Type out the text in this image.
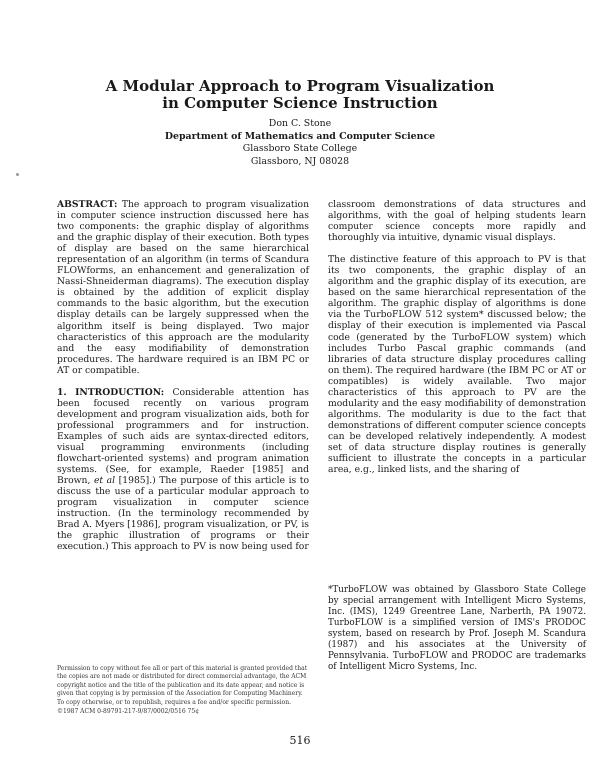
A Modular Approach to Program Visualization
in Computer Science Instruction
Don C. Stone
Department of Mathematics and Computer Science
Glassboro State College
Glassboro, NJ 08028

ABSTRACT: The approach to program visualization in computer science instruction discussed here has two components: the graphic display of algorithms and the graphic display of their execution. Both types of display are based on the same hierarchical representation of an algorithm (in terms of Scandura FLOWforms, an enhancement and generalization of Nassi-Shneiderman diagrams). The execution display is obtained by the addition of explicit display commands to the basic algorithm, but the execution display details can be largely suppressed when the algorithm itself is being displayed. Two major characteristics of this approach are the modularity and the easy modifiability of demonstration procedures. The hardware required is an IBM PC or AT or compatible.

1. INTRODUCTION: Considerable attention has been focused recently on various program development and program visualization aids, both for professional programmers and for instruction. Examples of such aids are syntax-directed editors, visual programming environments (including flowchart-oriented systems) and program animation systems. (See, for example, Raeder [1985] and Brown, et al [1985].) The purpose of this article is to discuss the use of a particular modular approach to program visualization in computer science instruction. (In the terminology recommended by Brad A. Myers [1986], program visualization, or PV, is the graphic illustration of programs or their execution.) This approach to PV is now being used for

classroom demonstrations of data structures and algorithms, with the goal of helping students learn computer science concepts more rapidly and thoroughly via intuitive, dynamic visual displays.

The distinctive feature of this approach to PV is that its two components, the graphic display of an algorithm and the graphic display of its execution, are based on the same hierarchical representation of the algorithm. The graphic display of algorithms is done via the TurboFLOW 512 system* discussed below; the display of their execution is implemented via Pascal code (generated by the TurboFLOW system) which includes Turbo Pascal graphic commands (and libraries of data structure display procedures calling on them). The required hardware (the IBM PC or AT or compatibles) is widely available. Two major characteristics of this approach to PV are the modularity and the easy modifiability of demonstration algorithms. The modularity is due to the fact that demonstrations of different computer science concepts can be developed relatively independently. A modest set of data structure display routines is generally sufficient to illustrate the concepts in a particular area, e.g., linked lists, and the sharing of

*TurboFLOW was obtained by Glassboro State College by special arrangement with Intelligent Micro Systems, Inc. (IMS), 1249 Greentree Lane, Narberth, PA 19072. TurboFLOW is a simplified version of IMS's PRODOC system, based on research by Prof. Joseph M. Scandura (1987) and his associates at the University of Pennsylvania. TurboFLOW and PRODOC are trademarks of Intelligent Micro Systems, Inc.
Permission to copy without fee all or part of this material is granted provided that the copies are not made or distributed for direct commercial advantage, the ACM copyright notice and the title of the publication and its date appear, and notice is given that copying is by permission of the Association for Computing Machinery. To copy otherwise, or to republish, requires a fee and/or specific permission.
©1987 ACM 0-89791-217-9/87/0002/0516 75¢
516
